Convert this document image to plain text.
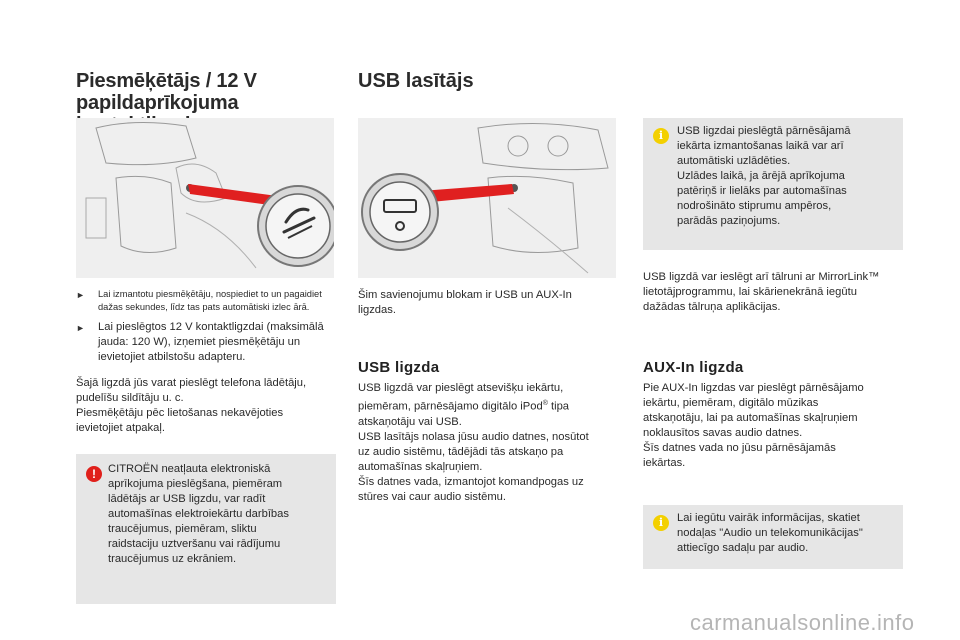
Piesmēķētājs / 12 V
papildaprīkojuma
► Lai izmantotu piesmēķētāju, nospiediet to un pagaidiet dažas sekundes, līdz tas pats automātiski izlec ārā.
► Lai pieslēgtos 12 V kontaktligzdai (maksimālā jauda: 120 W), izņemiet piesmēķētāju un ievietojiet atbilstošu adapteru.

Šajā ligzdā jūs varat pieslēgt telefona lādētāju,
pudelīšu sildītāju u. c.
Piesmēķētāju pēc lietošanas nekavējoties
ievietojiet atpakaļ.

!	CITROËN neatļauta elektroniskā
aprīkojuma pieslēgšana, piemēram
lādētājs ar USB ligzdu, var radīt
automašīnas elektroiekārtu darbības
traucējumus, piemēram, sliktu
raidstaciju uztveršanu vai rādījumu
traucējumus uz ekrāniem.

USB lasītājs

Šim savienojumu blokam ir USB un AUX-In
ligzdas.

USB ligzda
USB ligzdā var pieslēgt atsevišķu iekārtu,
piemēram, pārnēsājamo digitālo iPod® tipa

atskaņotāju vai USB.
USB lasītājs nolasa jūsu audio datnes, nosūtot
uz audio sistēmu, tādējādi tās atskaņo pa
automašīnas skaļruņiem.
Šīs datnes vada, izmantojot komandpogas uz
stūres vai caur audio sistēmu.

i	USB ligzdai pieslēgtā pārnēsājamā
iekārta izmantošanas laikā var arī
automātiski uzlādēties.
Uzlādes laikā, ja ārējā aprīkojuma
patēriņš ir lielāks par automašīnas
nodrošināto stiprumu ampēros,
parādās paziņojums.

USB ligzdā var ieslēgt arī tālruni ar MirrorLink™
lietotājprogrammu, lai skārienekrānā iegūtu
dažādas tālruņa aplikācijas.

AUX-In ligzda

Pie AUX-In ligzdas var pieslēgt pārnēsājamo
iekārtu, piemēram, digitālo mūzikas
atskaņotāju, lai pa automašīnas skaļruņiem
noklausītos savas audio datnes.
Šīs datnes vada no jūsu pārnēsājamās
iekārtas.

i	Lai iegūtu vairāk informācijas, skatiet
nodaļas "Audio un telekomunikācijas"
attiecīgo sadaļu par audio.

carmanualsonline.info
